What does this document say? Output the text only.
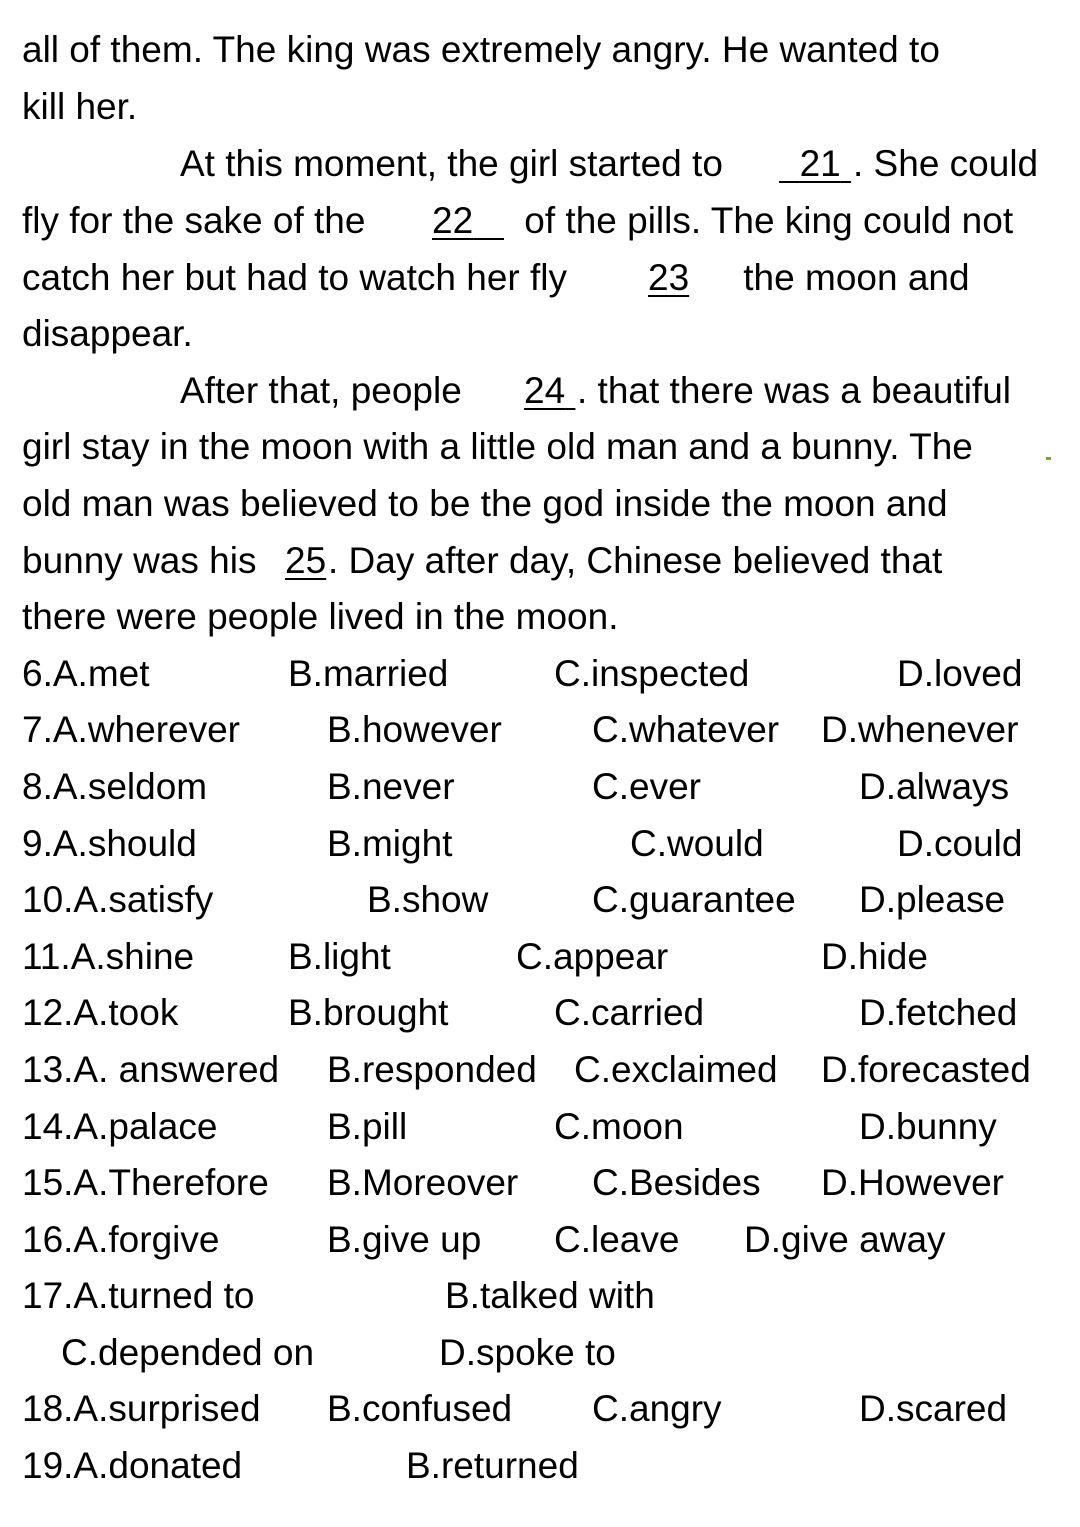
all of them. The king was extremely angry. He wanted to
kill her.
At this moment, the girl started to	21 . She could
fly for the sake of the 22	of the pills. The king could not
catch her but had to watch her fly 23 the moon and
disappear.
After that, people 24 . that there was a beautiful
girl stay in the moon with a little old man and a bunny. The
old man was believed to be the god inside the moon and
bunny was his 25 . Day after day, Chinese believed that
there were people lived in the moon.
6.A.met	B.married	C.inspected	D.loved
7.A.wherever B.however C.whatever D.whenever
8.A.seldom	B.never	C.ever	D.always
9.A.should	B.might	C.would	D.could
10.A.satisfy	B.show	C.guarantee D.please
11.A.shine	B.light	C.appear	D.hide
12.A.took	B.brought	C.carried	D.fetched
13.A. answered B.responded C.exclaimed D.forecasted
14.A.palace	B.pill	C.moon	D.bunny
15.A.Therefore B.Moreover C.Besides D.However
16.A.forgive	B.give up C.leave D.give away
17.A.turned to	B.talked with
C.depended on	D.spoke to
18.A.surprised B.confused C.angry	D.scared
19.A.donated	B.returned
